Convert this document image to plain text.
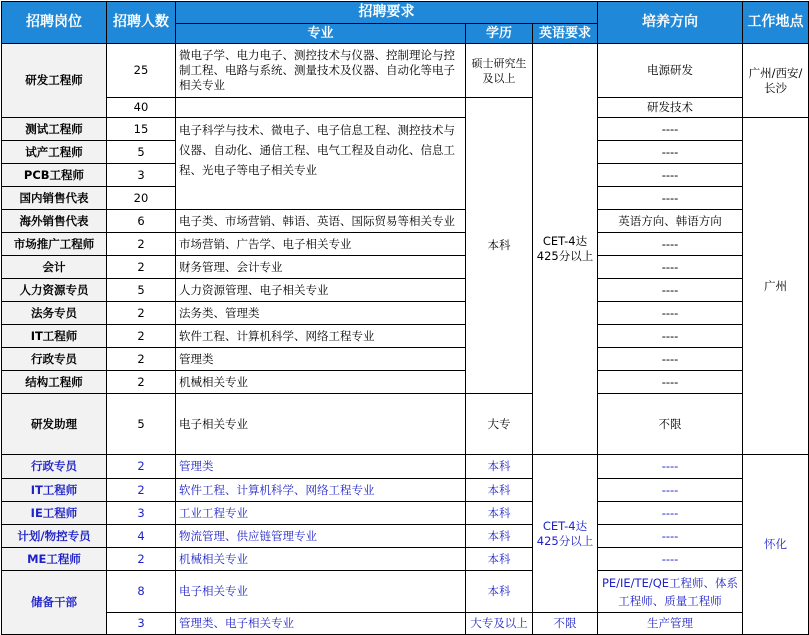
招聘岗位	招聘人数	招聘要求			培养方向	工作地点	
		专业	学历	英语要求			
研发工程师	25	微电子学、电力电子、测控技术与仪器、控制理论与控制工程、电路与系统、测量技术及仪器、自动化等电子相关专业	硕士研究生及以上	CET-4达425分以上	电源研发	广州/西安/长沙	
	40		本科		研发技术		
测试工程师	15	电子科学与技术、微电子、电子信息工程、测控技术与仪器、自动化、通信工程、电气工程及自动化、信息工程、光电子等电子相关专业			----	广州	
试产工程师	5				----		
PCB工程师	3				----		
国内销售代表	20				----		
海外销售代表	6	电子类、市场营销、韩语、英语、国际贸易等相关专业			英语方向、韩语方向		
市场推广工程师	2	市场营销、广告学、电子相关专业			----		
会计	2	财务管理、会计专业			----		
人力资源专员	5	人力资源管理、电子相关专业			----		
法务专员	2	法务类、管理类			----		
IT工程师	2	软件工程、计算机科学、网络工程专业			----		
行政专员	2	管理类			----		
结构工程师	2	机械相关专业			----		
研发助理	5	电子相关专业	大专		不限	
行政专员	2	管理类	本科	CET-4达425分以上	----	怀化	
IT工程师	2	软件工程、计算机科学、网络工程专业	本科		----		
IE工程师	3	工业工程专业	本科		----		
计划/物控专员	4	物流管理、供应链管理专业	本科		----		
ME工程师	2	机械相关专业	本科		----		
储备干部	8	电子相关专业	本科		PE/IE/TE/QE工程师、体系工程师、质量工程师		
	3	管理类、电子相关专业	大专及以上	不限	生产管理		
